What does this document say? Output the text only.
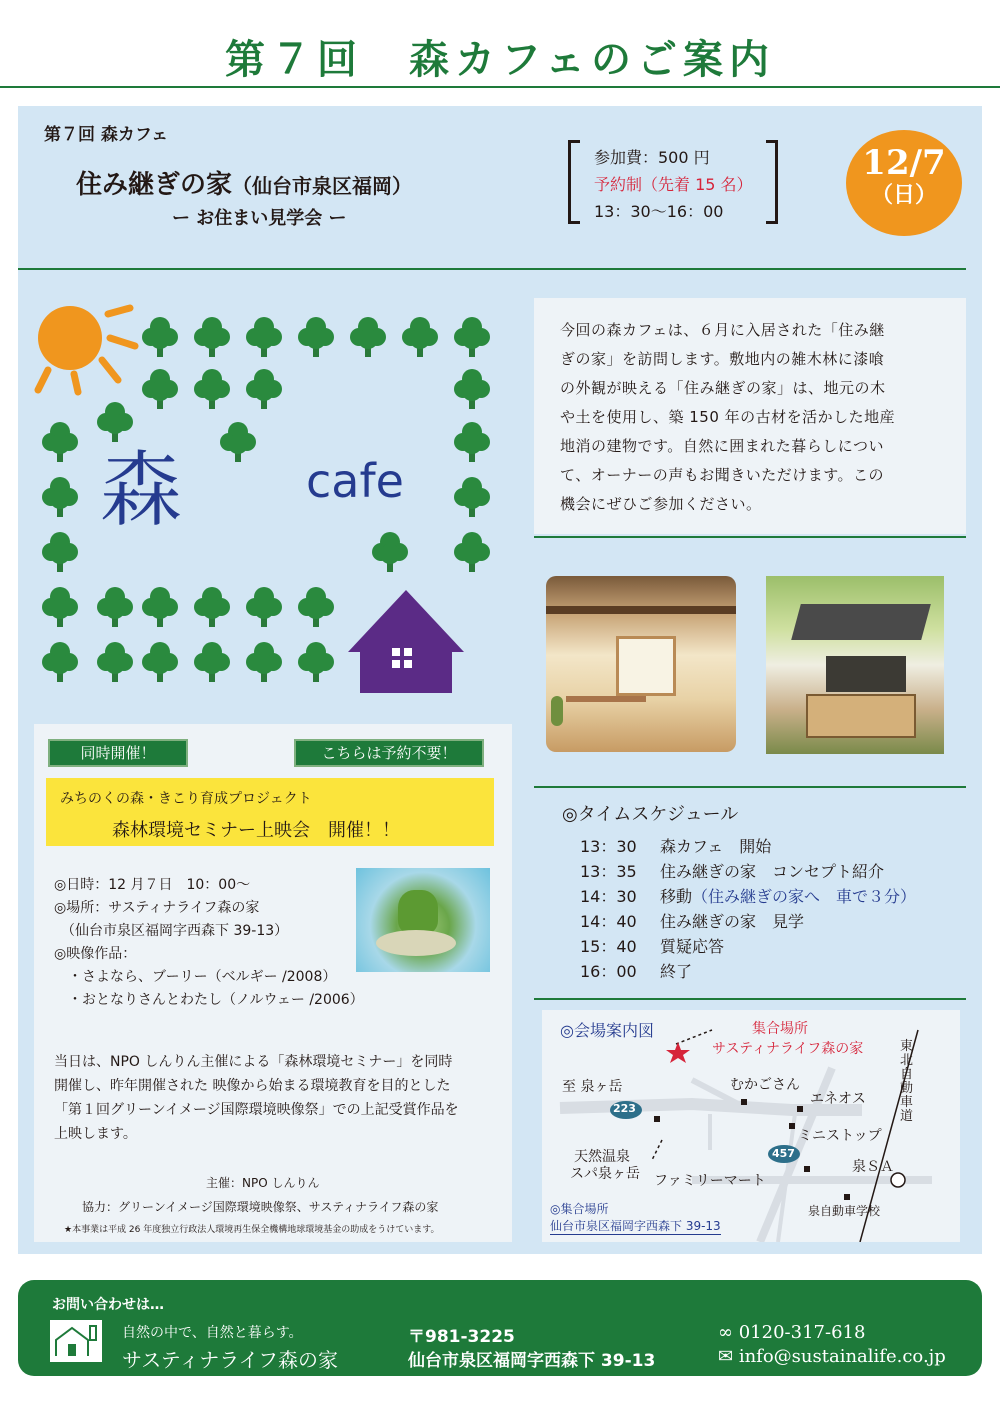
第７回　森カフェのご案内
第７回 森カフェ
住み継ぎの家（仙台市泉区福岡）
ー お住まい見学会 ー
参加費：500 円
予約制（先着 15 名）
13：30〜16：00
12/7
（日）
森	cafe
今回の森カフェは、６月に入居された「住み継
ぎの家」を訪問します。敷地内の雑木林に漆喰
の外観が映える「住み継ぎの家」は、地元の木
や土を使用し、築 150 年の古材を活かした地産
地消の建物です。自然に囲まれた暮らしについ
て、オーナーの声もお聞きいただけます。この
機会にぜひご参加ください。
◎タイムスケジュール
13：30	森カフェ　開始
13：35	住み継ぎの家　コンセプト紹介
14：30	移動 （住み継ぎの家へ　車で３分）
14：40	住み継ぎの家　見学
15：40	質疑応答
16：00	終了
◎会場案内図	集合場所
サスティナライフ森の家	東北自動車道
至 泉ヶ岳
223
457
むかごさん
エネオス
ミニストップ
天然温泉
スパ泉ヶ岳 ファミリーマート
泉ＳＡ
泉自動車学校
◎集合場所
仙台市泉区福岡字西森下 39-13
同時開催！	こちらは予約不要！
みちのくの森・きこり育成プロジェクト
森林環境セミナー上映会　開催！！
◎日時：12 月７日　10：00〜
◎場所：サスティナライフ森の家
　（仙台市泉区福岡字西森下 39-13）
◎映像作品：
　・さよなら、ブーリー（ベルギー /2008）
　・おとなりさんとわたし（ノルウェー /2006）
当日は、NPO しんりん主催による「森林環境セミナー」を同時
開催し、昨年開催された 映像から始まる環境教育を目的とした
「第１回グリーンイメージ国際環境映像祭」での上記受賞作品を
上映します。
主催：NPO しんりん
協力：グリーンイメージ国際環境映像祭、サスティナライフ森の家
★本事業は平成 26 年度独立行政法人環境再生保全機構地球環境基金の助成をうけています。
お問い合わせは…
自然の中で、自然と暮らす。
サスティナライフ森の家
〒981-3225
仙台市泉区福岡字西森下 39-13
∞ 0120-317-618
✉ info@sustainalife.co.jp
